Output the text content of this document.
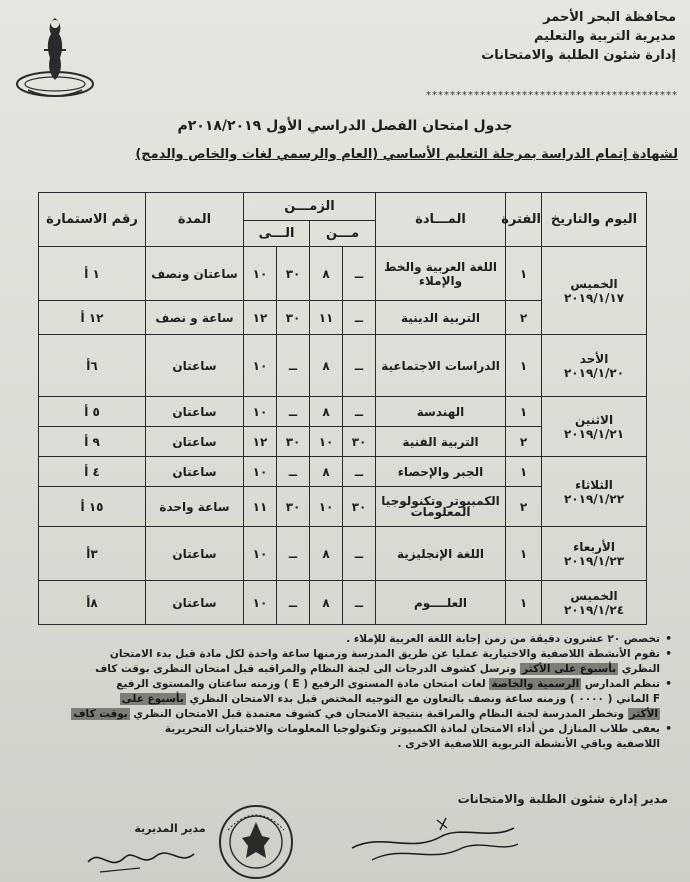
محافظة البحر الأحمر
مديرية التربية والتعليم
إدارة شئون الطلبة والامتحانات
******************************************
جدول امتحان الفصل الدراسي الأول ٢٠١٨/٢٠١٩م
لشهادة إتمام الدراسة بمرحلة التعليم الأساسي (العام والرسمي لغات والخاص والدمج)
اليوم والتاريخ	الفترة	المـــادة	الزمـــن				المدة	رقم الاستمارة
			مـــن		الـــى			

الخميس
٢٠١٩/١/١٧	١	اللغة العربية والخط والإملاء	ــ	٨	٣٠	١٠	ساعتان ونصف	١ أ
	٢	التربية الدينية	ــ	١١	٣٠	١٢	ساعة و نصف	١٢ أ

الأحد
٢٠١٩/١/٢٠	١	الدراسات الاجتماعية	ــ	٨	ــ	١٠	ساعتان	٦أ

الاثنين
٢٠١٩/١/٢١	١	الهندسة	ــ	٨	ــ	١٠	ساعتان	٥ أ
	٢	التربية الفنية	٣٠	١٠	٣٠	١٢	ساعتان	٩ أ

الثلاثاء
٢٠١٩/١/٢٢	١	الجبر والإحصاء	ــ	٨	ــ	١٠	ساعتان	٤ أ
	٢	الكمبيوتر وتكنولوجيا المعلومات	٣٠	١٠	٣٠	١١	ساعة واحدة	١٥ أ

الأربعاء
٢٠١٩/١/٢٣	١	اللغة الإنجليزية	ــ	٨	ــ	١٠	ساعتان	٣أ

الخميس
٢٠١٩/١/٢٤	١	العلــــوم	ــ	٨	ــ	١٠	ساعتان	٨أ

• تخصص ٢٠ عشرون دقيقة من زمن إجابة اللغة العربية للإملاء .

• تقوم الأنشطة اللاصفية والاختيارية عمليا عن طريق المدرسة وزمنها ساعة واحدة لكل مادة قبل بدء الامتحان

النظري بأسبوع على الأكثر وترسل كشوف الدرجات الى لجنة النظام والمراقبه قبل امتحان النظرى بوقت كاف

• تنظم المدارس الرسمية والخاصة لغات امتحان مادة المستوى الرفيع ( E ) وزمنه ساعتان والمستوى الرفيع

F الماني ( ٠٠٠٠ ) وزمنه ساعة ونصف بالتعاون مع التوجيه المختص قبل بدء الامتحان النظري بأسبوع على

الأكثر وتخطر المدرسة لجنة النظام والمراقبة بنتيجة الامتحان في كشوف معتمدة قبل الامتحان النظري بوقت كاف

• يعفى طلاب المنازل من أداء الامتحان لمادة الكمبيوتر وتكنولوجيا المعلومات والاختبارات التحريرية

اللاصفية وباقي الأنشطة التربوية اللاصفية الاخرى .

مدير إدارة شئون الطلبة والامتحانات
مدير المديرية
